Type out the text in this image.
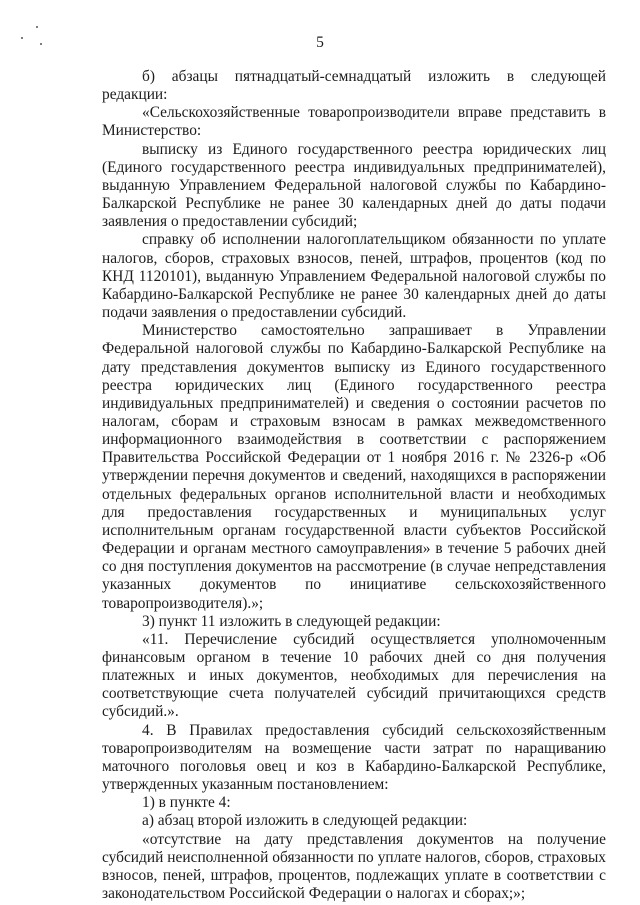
5

б) абзацы пятнадцатый-семнадцатый изложить в следующей редакции:

«Сельскохозяйственные товаропроизводители вправе представить в Министерство:

выписку из Единого государственного реестра юридических лиц (Единого государственного реестра индивидуальных предпринимателей), выданную Управлением Федеральной налоговой службы по Кабардино-Балкарской Республике не ранее 30 календарных дней до даты подачи заявления о предоставлении субсидий;

справку об исполнении налогоплательщиком обязанности по уплате налогов, сборов, страховых взносов, пеней, штрафов, процентов (код по КНД 1120101), выданную Управлением Федеральной налоговой службы по Кабардино-Балкарской Республике не ранее 30 календарных дней до даты подачи заявления о предоставлении субсидий.

Министерство самостоятельно запрашивает в Управлении Федеральной налоговой службы по Кабардино-Балкарской Республике на дату представления документов выписку из Единого государственного реестра юридических лиц (Единого государственного реестра индивидуальных предпринимателей) и сведения о состоянии расчетов по налогам, сборам и страховым взносам в рамках межведомственного информационного взаимодействия в соответствии с распоряжением Правительства Российской Федерации от 1 ноября 2016 г. № 2326-р «Об утверждении перечня документов и сведений, находящихся в распоряжении отдельных федеральных органов исполнительной власти и необходимых для предоставления государственных и муниципальных услуг исполнительным органам государственной власти субъектов Российской Федерации и органам местного самоуправления» в течение 5 рабочих дней со дня поступления документов на рассмотрение (в случае непредставления указанных документов по инициативе сельскохозяйственного товаропроизводителя).»;

3) пункт 11 изложить в следующей редакции:

«11. Перечисление субсидий осуществляется уполномоченным финансовым органом в течение 10 рабочих дней со дня получения платежных и иных документов, необходимых для перечисления на соответствующие счета получателей субсидий причитающихся средств субсидий.».

4. В Правилах предоставления субсидий сельскохозяйственным товаропроизводителям на возмещение части затрат по наращиванию маточного поголовья овец и коз в Кабардино-Балкарской Республике, утвержденных указанным постановлением:

1) в пункте 4:

а) абзац второй изложить в следующей редакции:

«отсутствие на дату представления документов на получение субсидий неисполненной обязанности по уплате налогов, сборов, страховых взносов, пеней, штрафов, процентов, подлежащих уплате в соответствии с законодательством Российской Федерации о налогах и сборах;»;
